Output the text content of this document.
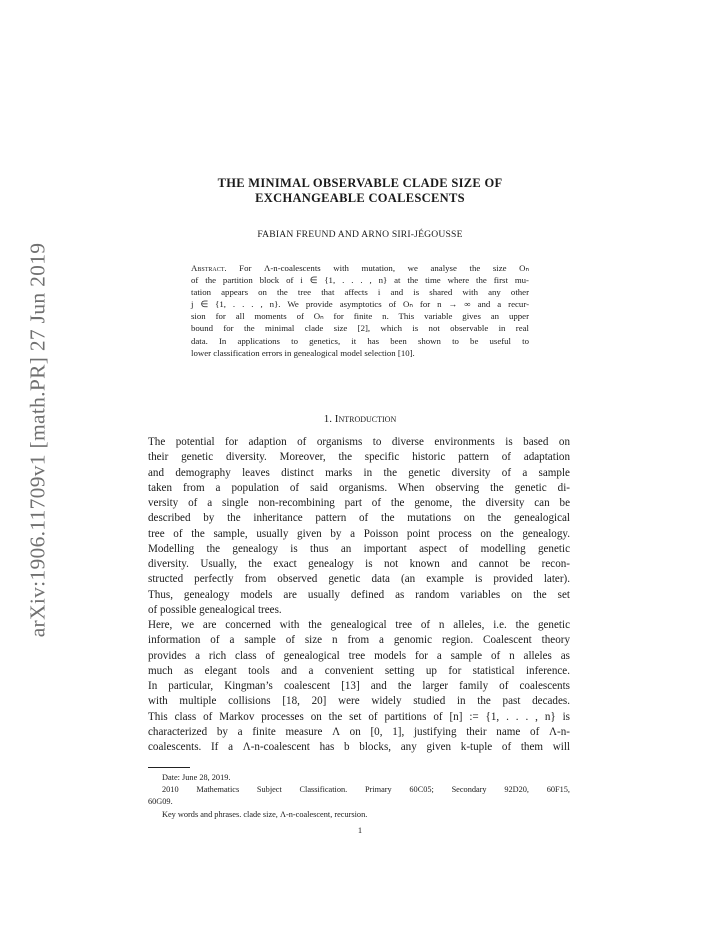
arXiv:1906.11709v1 [math.PR] 27 Jun 2019
THE MINIMAL OBSERVABLE CLADE SIZE OF
EXCHANGEABLE COALESCENTS
FABIAN FREUND AND ARNO SIRI-JÉGOUSSE
Abstract. For Λ-n-coalescents with mutation, we analyse the size Oₙ
of the partition block of i ∈ {1, . . . , n} at the time where the first mu-
tation appears on the tree that affects i and is shared with any other
j ∈ {1, . . . , n}. We provide asymptotics of Oₙ for n → ∞ and a recur-
sion for all moments of Oₙ for finite n. This variable gives an upper
bound for the minimal clade size [2], which is not observable in real
data. In applications to genetics, it has been shown to be useful to
lower classification errors in genealogical model selection [10].
1. Introduction
The potential for adaption of organisms to diverse environments is based on
their genetic diversity. Moreover, the specific historic pattern of adaptation
and demography leaves distinct marks in the genetic diversity of a sample
taken from a population of said organisms. When observing the genetic di-
versity of a single non-recombining part of the genome, the diversity can be
described by the inheritance pattern of the mutations on the genealogical
tree of the sample, usually given by a Poisson point process on the genealogy.
Modelling the genealogy is thus an important aspect of modelling genetic
diversity. Usually, the exact genealogy is not known and cannot be recon-
structed perfectly from observed genetic data (an example is provided later).
Thus, genealogy models are usually defined as random variables on the set
of possible genealogical trees.
Here, we are concerned with the genealogical tree of n alleles, i.e. the genetic
information of a sample of size n from a genomic region. Coalescent theory
provides a rich class of genealogical tree models for a sample of n alleles as
much as elegant tools and a convenient setting up for statistical inference.
In particular, Kingman’s coalescent [13] and the larger family of coalescents
with multiple collisions [18, 20] were widely studied in the past decades.
This class of Markov processes on the set of partitions of [n] := {1, . . . , n} is
characterized by a finite measure Λ on [0, 1], justifying their name of Λ-n-
coalescents. If a Λ-n-coalescent has b blocks, any given k-tuple of them will
Date: June 28, 2019.
2010 Mathematics Subject Classification. Primary 60C05; Secondary 92D20, 60F15,
60G09.
Key words and phrases. clade size, Λ-n-coalescent, recursion.
1
